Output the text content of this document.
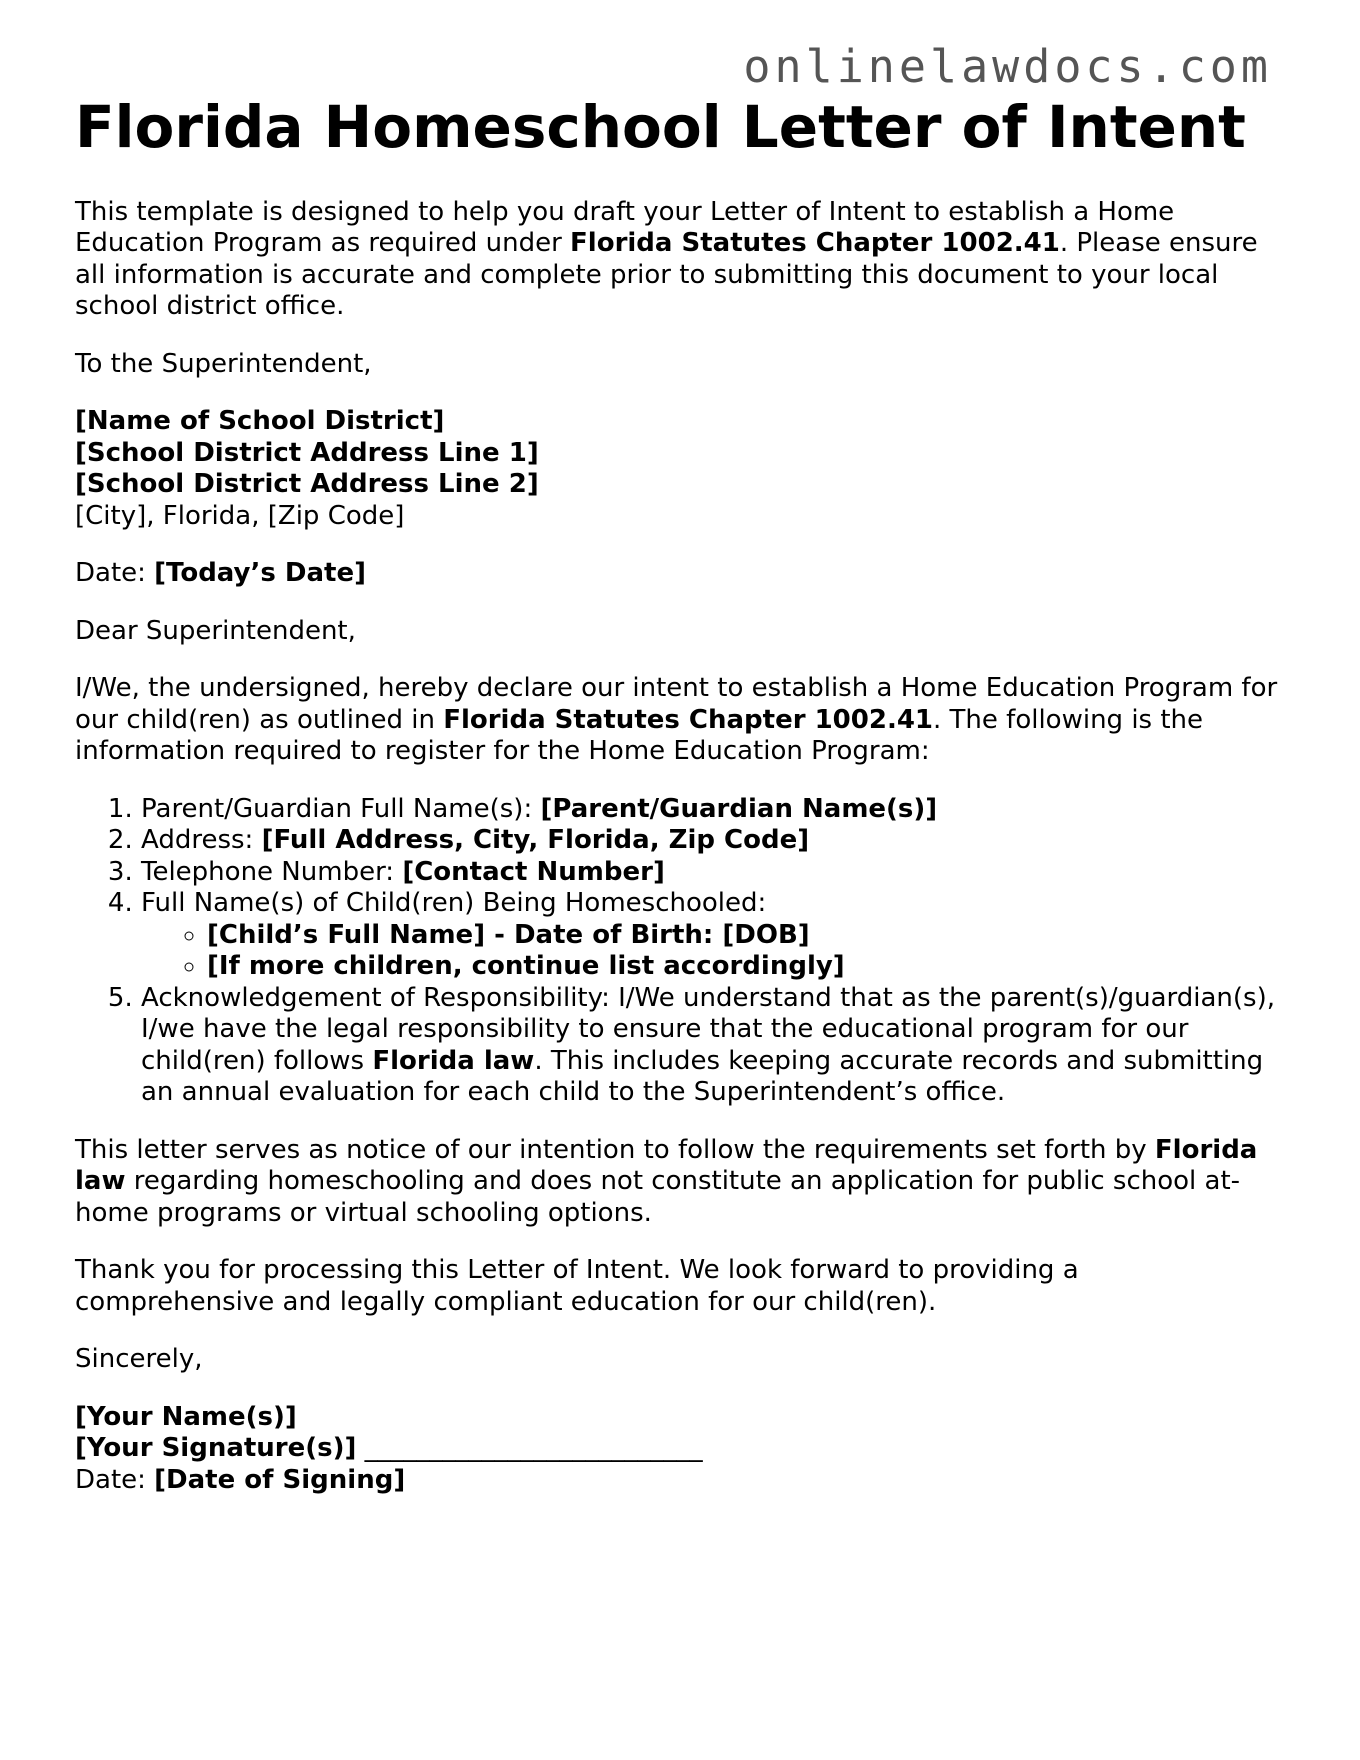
onlinelawdocs.com
Florida Homeschool Letter of Intent

This template is designed to help you draft your Letter of Intent to establish a Home Education Program as required under Florida Statutes Chapter 1002.41. Please ensure all information is accurate and complete prior to submitting this document to your local school district office.

To the Superintendent,

[Name of School District]
[School District Address Line 1]
[School District Address Line 2]
[City], Florida, [Zip Code]

Date: [Today’s Date]

Dear Superintendent,

I/We, the undersigned, hereby declare our intent to establish a Home Education Program for our child(ren) as outlined in Florida Statutes Chapter 1002.41. The following is the information required to register for the Home Education Program:

1. Parent/Guardian Full Name(s): [Parent/Guardian Name(s)]
2. Address: [Full Address, City, Florida, Zip Code]
3. Telephone Number: [Contact Number]
4. Full Name(s) of Child(ren) Being Homeschooled:
◦ [Child’s Full Name] - Date of Birth: [DOB]
◦ [If more children, continue list accordingly]
5. Acknowledgement of Responsibility: I/We understand that as the parent(s)/guardian(s), I/we have the legal responsibility to ensure that the educational program for our child(ren) follows Florida law. This includes keeping accurate records and submitting an annual evaluation for each child to the Superintendent’s office.

This letter serves as notice of our intention to follow the requirements set forth by Florida law regarding homeschooling and does not constitute an application for public school at-home programs or virtual schooling options.

Thank you for processing this Letter of Intent. We look forward to providing a comprehensive and legally compliant education for our child(ren).

Sincerely,

[Your Name(s)]
[Your Signature(s)] __________________________
Date: [Date of Signing]
